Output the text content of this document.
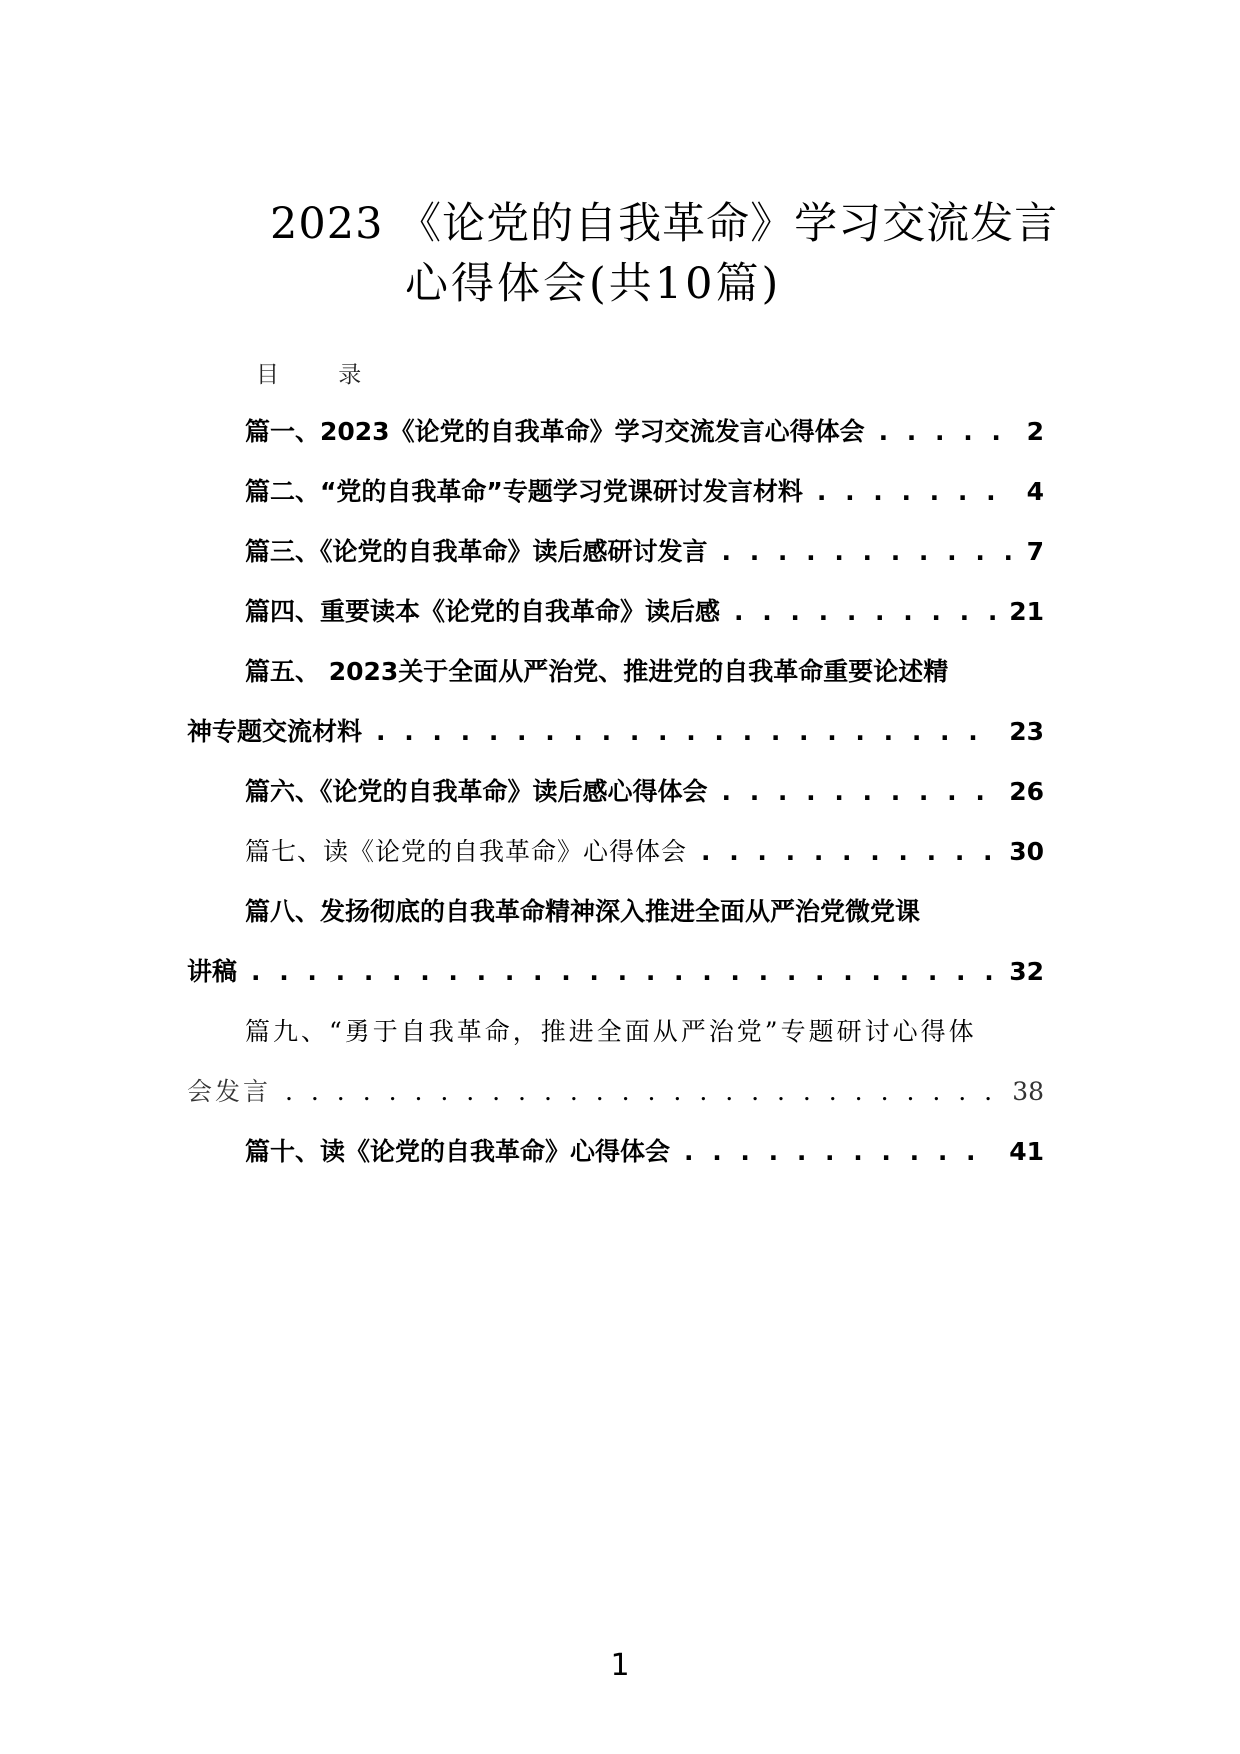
2023 《论党的自我革命》学习交流发言
心得体会(共10篇)
目 录
篇一、2023《论党的自我革命》学习交流发言心得体会 . . .	2
篇二、“党的自我革命”专题学习党课研讨发言材料 . . .	4
篇三、《论党的自我革命》读后感研讨发言 . . .	7
篇四、重要读本《论党的自我革命》读后感 . . .	21
篇五、 2023关于全面从严治党、推进党的自我革命重要论述精
神专题交流材料 . . .	23
篇六、《论党的自我革命》读后感心得体会 . . .	26
篇七、读《论党的自我革命》心得体会 . . .	30
篇八、发扬彻底的自我革命精神深入推进全面从严治党微党课
讲稿 . . .	32
篇九、“勇于自我革命，推进全面从严治党”专题研讨心得体
会发言 . . .	38
篇十、读《论党的自我革命》心得体会 . . .	41
1
